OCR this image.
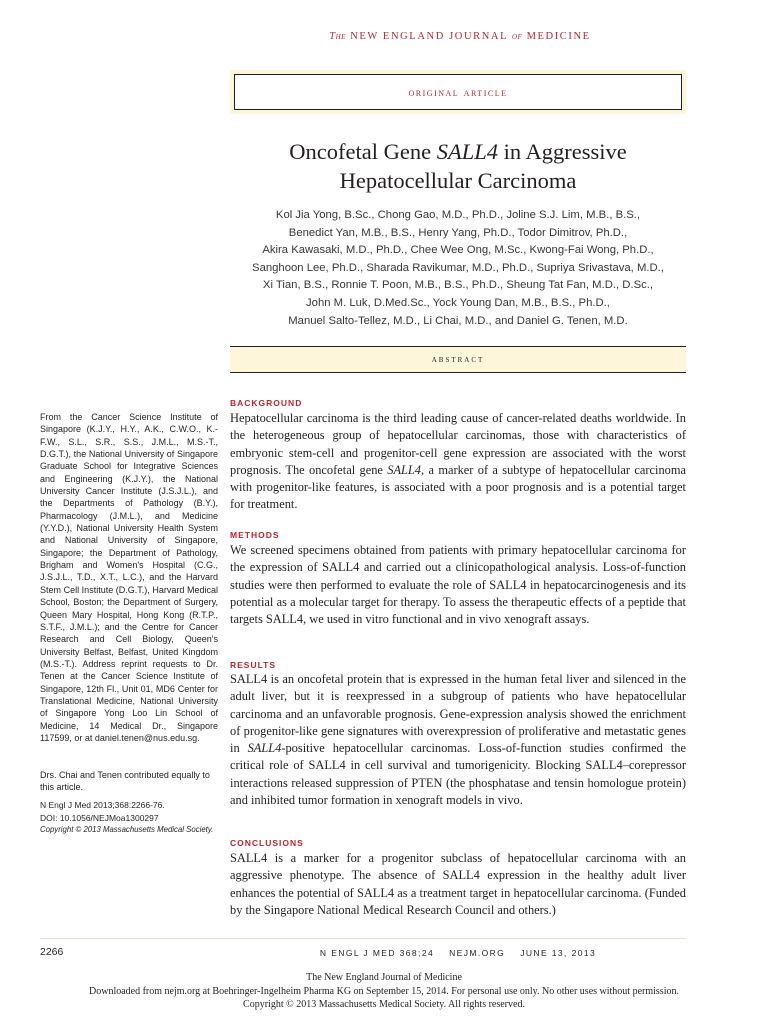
The NEW ENGLAND JOURNAL of MEDICINE
original article
Oncofetal Gene SALL4 in Aggressive
Hepatocellular Carcinoma
Kol Jia Yong, B.Sc., Chong Gao, M.D., Ph.D., Joline S.J. Lim, M.B., B.S.,
Benedict Yan, M.B., B.S., Henry Yang, Ph.D., Todor Dimitrov, Ph.D.,
Akira Kawasaki, M.D., Ph.D., Chee Wee Ong, M.Sc., Kwong-Fai Wong, Ph.D.,
Sanghoon Lee, Ph.D., Sharada Ravikumar, M.D., Ph.D., Supriya Srivastava, M.D.,
Xi Tian, B.S., Ronnie T. Poon, M.B., B.S., Ph.D., Sheung Tat Fan, M.D., D.Sc.,
John M. Luk, D.Med.Sc., Yock Young Dan, M.B., B.S., Ph.D.,
Manuel Salto-Tellez, M.D., Li Chai, M.D., and Daniel G. Tenen, M.D.
abstract
BACKGROUND

Hepatocellular carcinoma is the third leading cause of cancer-related deaths worldwide. In the heterogeneous group of hepatocellular carcinomas, those with characteristics of embryonic stem-cell and progenitor-cell gene expression are associated with the worst prognosis. The oncofetal gene SALL4, a marker of a subtype of hepatocellular carcinoma with progenitor-like features, is associated with a poor prognosis and is a potential target for treatment.

METHODS

We screened specimens obtained from patients with primary hepatocellular carcinoma for the expression of SALL4 and carried out a clinicopathological analysis. Loss-of-function studies were then performed to evaluate the role of SALL4 in hepatocarcinogenesis and its potential as a molecular target for therapy. To assess the therapeutic effects of a peptide that targets SALL4, we used in vitro functional and in vivo xenograft assays.

RESULTS

SALL4 is an oncofetal protein that is expressed in the human fetal liver and silenced in the adult liver, but it is reexpressed in a subgroup of patients who have hepatocellular carcinoma and an unfavorable prognosis. Gene-expression analysis showed the enrichment of progenitor-like gene signatures with overexpression of proliferative and metastatic genes in SALL4-positive hepatocellular carcinomas. Loss-of-function studies confirmed the critical role of SALL4 in cell survival and tumorigenicity. Blocking SALL4–corepressor interactions released suppression of PTEN (the phosphatase and tensin homologue protein) and inhibited tumor formation in xenograft models in vivo.

CONCLUSIONS

SALL4 is a marker for a progenitor subclass of hepatocellular carcinoma with an aggressive phenotype. The absence of SALL4 expression in the healthy adult liver enhances the potential of SALL4 as a treatment target in hepatocellular carcinoma. (Funded by the Singapore National Medical Research Council and others.)

From the Cancer Science Institute of Singapore (K.J.Y., H.Y., A.K., C.W.O., K.-F.W., S.L., S.R., S.S., J.M.L., M.S.-T., D.G.T.), the National University of Singapore Graduate School for Integrative Sciences and Engineering (K.J.Y.), the National University Cancer Institute (J.S.J.L.), and the Departments of Pathology (B.Y.), Pharmacology (J.M.L.), and Medicine (Y.Y.D.), National University Health System and National University of Singapore, Singapore; the Department of Pathology, Brigham and Women's Hospital (C.G., J.S.J.L., T.D., X.T., L.C.), and the Harvard Stem Cell Institute (D.G.T.), Harvard Medical School, Boston; the Department of Surgery, Queen Mary Hospital, Hong Kong (R.T.P., S.T.F., J.M.L.); and the Centre for Cancer Research and Cell Biology, Queen's University Belfast, Belfast, United Kingdom (M.S.-T.). Address reprint requests to Dr. Tenen at the Cancer Science Institute of Singapore, 12th Fl., Unit 01, MD6 Center for Translational Medicine, National University of Singapore Yong Loo Lin School of Medicine, 14 Medical Dr., Singapore 117599, or at daniel.tenen@nus.edu.sg.

Drs. Chai and Tenen contributed equally to this article.

N Engl J Med 2013;368:2266-76.
DOI: 10.1056/NEJMoa1300297
Copyright © 2013 Massachusetts Medical Society.
2266	N ENGL J MED 368;24    NEJM.ORG    JUNE 13, 2013
The New England Journal of Medicine
Downloaded from nejm.org at Boehringer-Ingelheim Pharma KG on September 15, 2014. For personal use only. No other uses without permission.
Copyright © 2013 Massachusetts Medical Society. All rights reserved.
